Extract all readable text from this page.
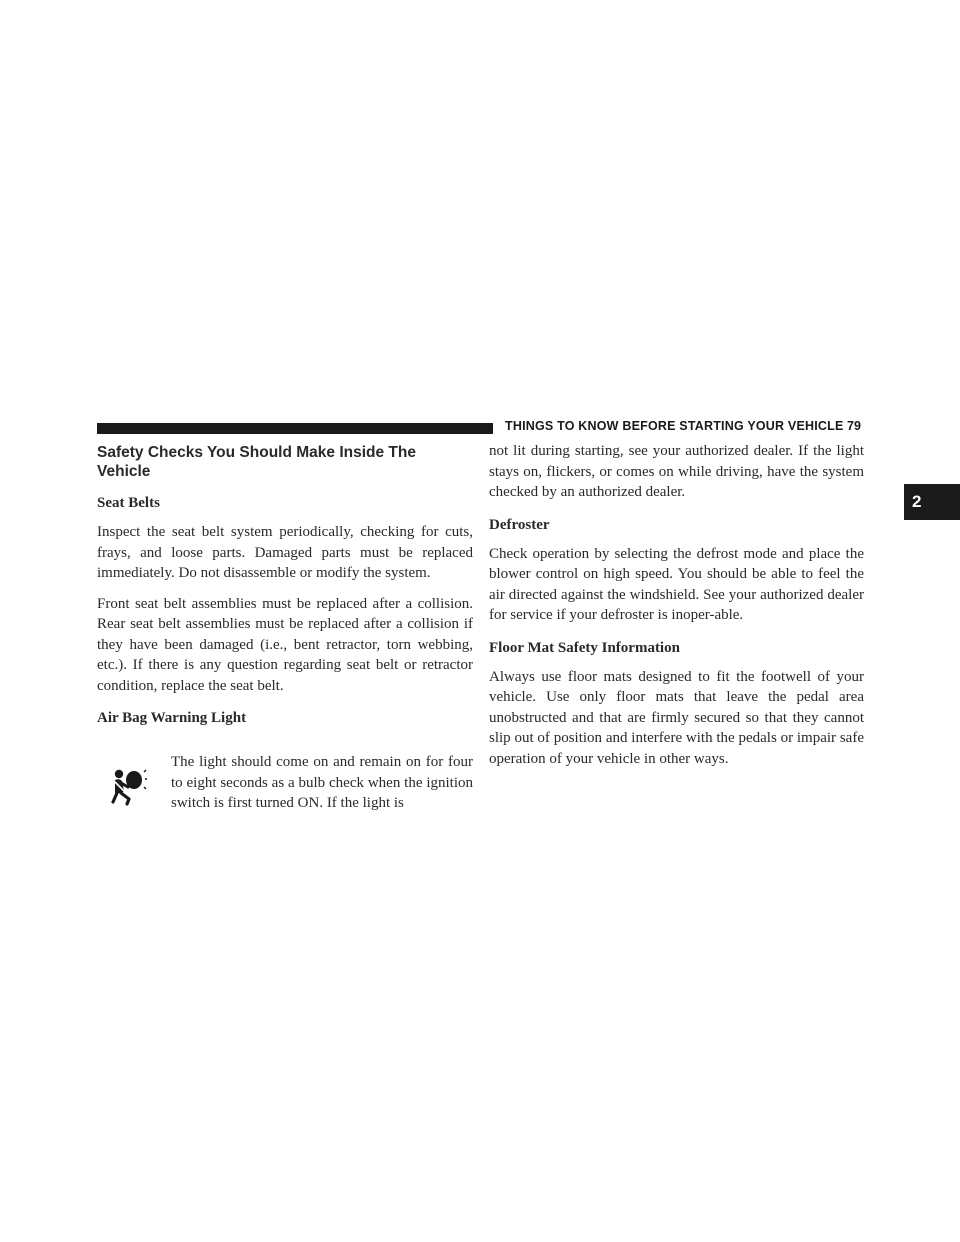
THINGS TO KNOW BEFORE STARTING YOUR VEHICLE 79
2
Safety Checks You Should Make Inside The Vehicle
Seat Belts

Inspect the seat belt system periodically, checking for cuts, frays, and loose parts. Damaged parts must be replaced immediately. Do not disassemble or modify the system.

Front seat belt assemblies must be replaced after a collision. Rear seat belt assemblies must be replaced after a collision if they have been damaged (i.e., bent retractor, torn webbing, etc.). If there is any question regarding seat belt or retractor condition, replace the seat belt.

Air Bag Warning Light

The light should come on and remain on for four to eight seconds as a bulb check when the ignition switch is first turned ON. If the light is

not lit during starting, see your authorized dealer. If the light stays on, flickers, or comes on while driving, have the system checked by an authorized dealer.

Defroster

Check operation by selecting the defrost mode and place the blower control on high speed. You should be able to feel the air directed against the windshield. See your authorized dealer for service if your defroster is inoper-able.

Floor Mat Safety Information

Always use floor mats designed to fit the footwell of your vehicle. Use only floor mats that leave the pedal area unobstructed and that are firmly secured so that they cannot slip out of position and interfere with the pedals or impair safe operation of your vehicle in other ways.
